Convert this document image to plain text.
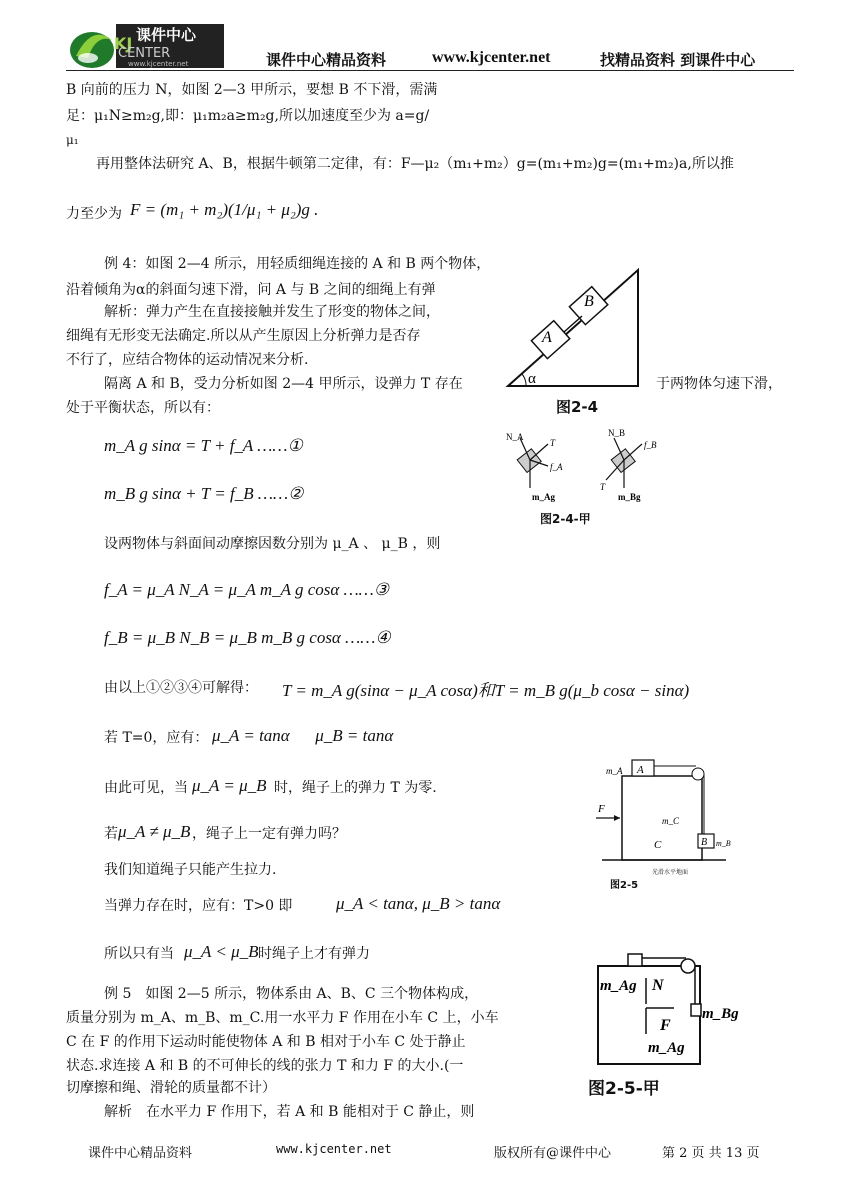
课件中心
KJ
CENTER
www.kjcenter.net	课件中心精品资料	www.kjcenter.net	找精品资料 到课件中心
B 向前的压力 N，如图 2—3 甲所示，要想 B 不下滑，需满
足：μ₁N≥m₂g,即：μ₁m₂a≥m₂g,所以加速度至少为 a=g/
μ₁
再用整体法研究 A、B，根据牛顿第二定律，有：F—μ₂（m₁+m₂）g=(m₁+m₂)g=(m₁+m₂)a,所以推
力至少为 F = (m₁ + m₂)(1/μ₁ + μ₂)g .
例 4：如图 2—4 所示，用轻质细绳连接的 A 和 B 两个物体，
沿着倾角为α的斜面匀速下滑，问 A 与 B 之间的细绳上有弹
解析：弹力产生在直接接触并发生了形变的物体之间，
细绳有无形变无法确定.所以从产生原因上分析弹力是否存
不行了，应结合物体的运动情况来分析.
隔离 A 和 B，受力分析如图 2—4 甲所示，设弹力 T 存在	于两物体匀速下滑，
处于平衡状态，所以有：
m_A g sinα = T + f_A ……①
m_B g sinα + T = f_B ……②
设两物体与斜面间动摩擦因数分别为 μ_A 、 μ_B ，则
f_A = μ_A N_A = μ_A m_A g cosα ……③
f_B = μ_B N_B = μ_B m_B g cosα ……④
由以上①②③④可解得： T = m_A g(sinα − μ_A cosα)和T = m_B g(μ_b cosα − sinα)
若 T=0，应有： μ_A = tanα      μ_B = tanα
由此可见，当 μ_A = μ_B 时，绳子上的弹力 T 为零.
若 μ_A ≠ μ_B ，绳子上一定有弹力吗？
我们知道绳子只能产生拉力.
当弹力存在时，应有：T>0 即	μ_A < tanα, μ_B > tanα
所以只有当 μ_A < μ_B 时绳子上才有弹力
例 5　如图 2—5 所示，物体系由 A、B、C 三个物体构成，
质量分别为 m_A、m_B、m_C.用一水平力 F 作用在小车 C 上，小车
C 在 F 的作用下运动时能使物体 A 和 B 相对于小车 C 处于静止
状态.求连接 A 和 B 的不可伸长的线的张力 T 和力 F 的大小.(一
切摩擦和绳、滑轮的质量都不计）
解析　在水平力 F 作用下，若 A 和 B 能相对于 C 静止，则
A
B
α
图2-4
N_A
T
f_A
m_Ag
N_B
f_B
T
m_Bg
图2-4-甲
m_A A
F
m_C
C	B m_B
光滑水平地面
图2-5
m_Ag N
F
m_Ag
m_Bg
图2-5-甲
课件中心精品资料	www.kjcenter.net	版权所有@课件中心	第 2 页 共 13 页
